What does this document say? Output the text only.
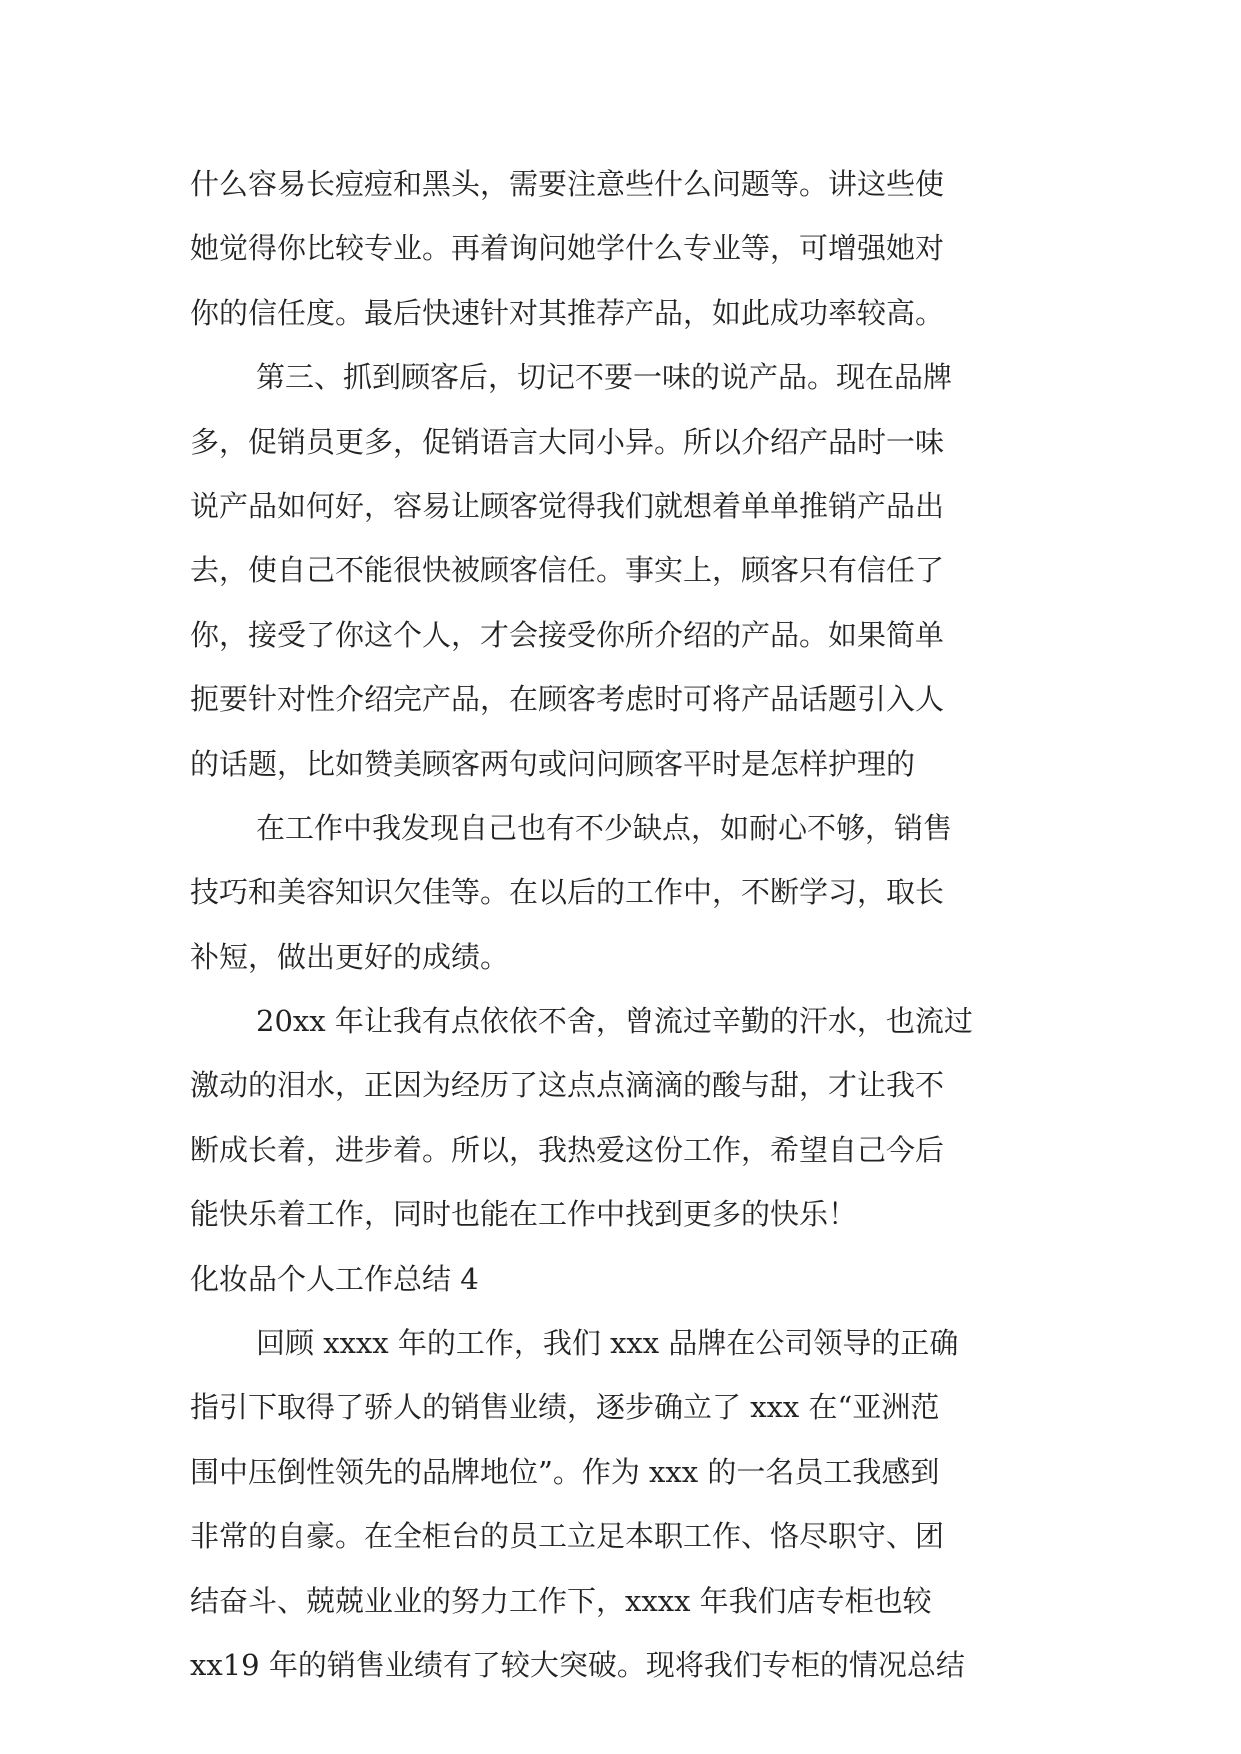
什么容易长痘痘和黑头，需要注意些什么问题等。讲这些使
她觉得你比较专业。再着询问她学什么专业等，可增强她对
你的信任度。最后快速针对其推荐产品，如此成功率较高。
第三、抓到顾客后，切记不要一味的说产品。现在品牌
多，促销员更多，促销语言大同小异。所以介绍产品时一味
说产品如何好，容易让顾客觉得我们就想着单单推销产品出
去，使自己不能很快被顾客信任。事实上，顾客只有信任了
你，接受了你这个人，才会接受你所介绍的产品。如果简单
扼要针对性介绍完产品，在顾客考虑时可将产品话题引入人
的话题，比如赞美顾客两句或问问顾客平时是怎样护理的
在工作中我发现自己也有不少缺点，如耐心不够，销售
技巧和美容知识欠佳等。在以后的工作中，不断学习，取长
补短，做出更好的成绩。
20xx 年让我有点依依不舍，曾流过辛勤的汗水，也流过
激动的泪水，正因为经历了这点点滴滴的酸与甜，才让我不
断成长着，进步着。所以，我热爱这份工作，希望自己今后
能快乐着工作，同时也能在工作中找到更多的快乐！
化妆品个人工作总结 4
回顾 xxxx 年的工作，我们 xxx 品牌在公司领导的正确
指引下取得了骄人的销售业绩，逐步确立了 xxx 在“亚洲范
围中压倒性领先的品牌地位”。作为 xxx 的一名员工我感到
非常的自豪。在全柜台的员工立足本职工作、恪尽职守、团
结奋斗、兢兢业业的努力工作下，xxxx 年我们店专柜也较
xx19 年的销售业绩有了较大突破。现将我们专柜的情况总结
